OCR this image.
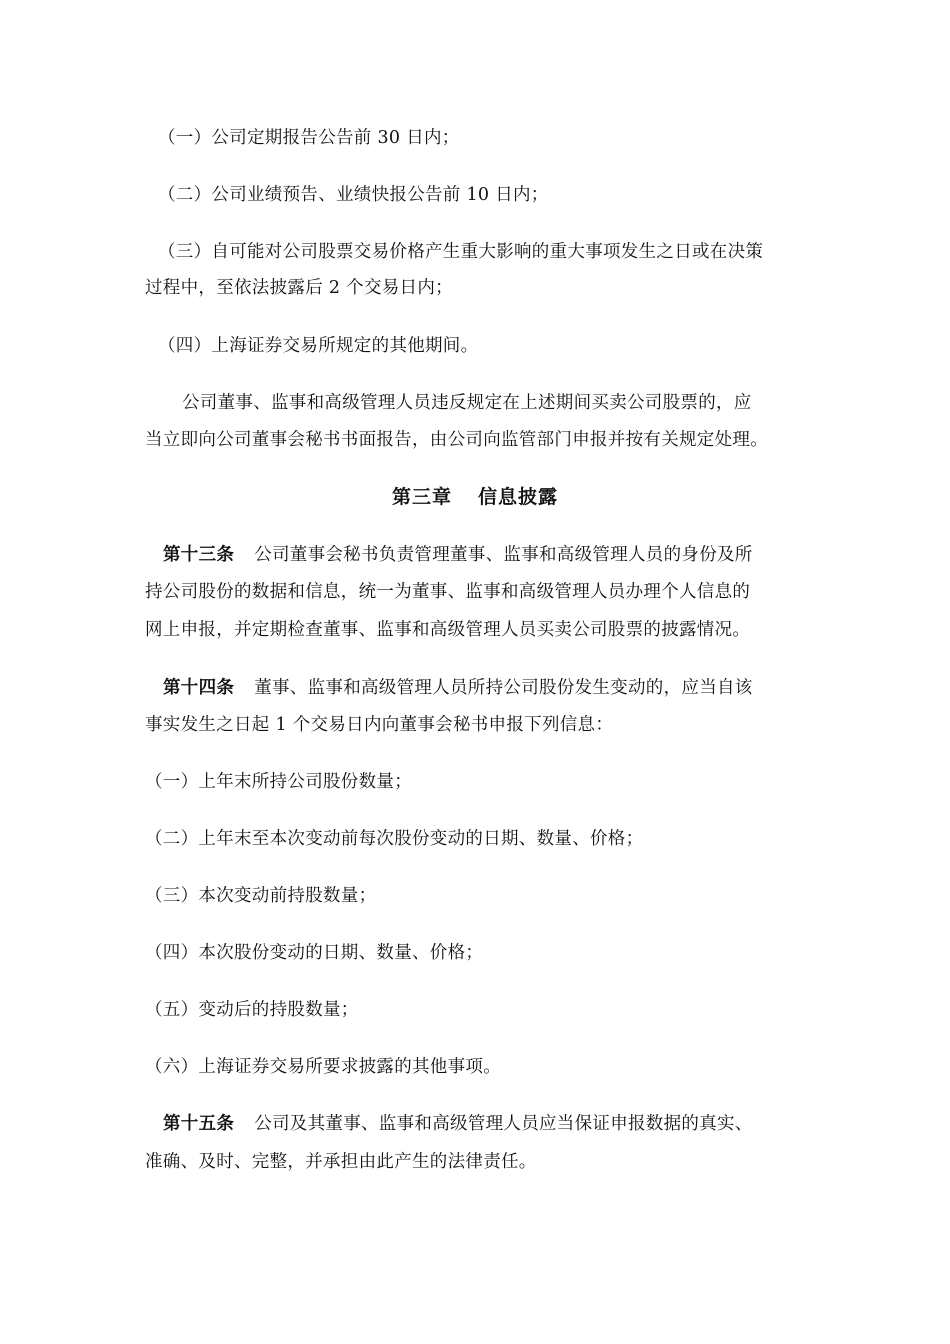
（一）公司定期报告公告前 30 日内；
（二）公司业绩预告、业绩快报公告前 10 日内；
（三）自可能对公司股票交易价格产生重大影响的重大事项发生之日或在决策
过程中，至依法披露后 2 个交易日内；
（四）上海证券交易所规定的其他期间。
公司董事、监事和高级管理人员违反规定在上述期间买卖公司股票的，应
当立即向公司董事会秘书书面报告，由公司向监管部门申报并按有关规定处理。
第三章 信息披露
第十三条 公司董事会秘书负责管理董事、监事和高级管理人员的身份及所
持公司股份的数据和信息，统一为董事、监事和高级管理人员办理个人信息的
网上申报，并定期检查董事、监事和高级管理人员买卖公司股票的披露情况。
第十四条 董事、监事和高级管理人员所持公司股份发生变动的，应当自该
事实发生之日起 1 个交易日内向董事会秘书申报下列信息：
（一）上年末所持公司股份数量；
（二）上年末至本次变动前每次股份变动的日期、数量、价格；
（三）本次变动前持股数量；
（四）本次股份变动的日期、数量、价格；
（五）变动后的持股数量；
（六）上海证券交易所要求披露的其他事项。
第十五条 公司及其董事、监事和高级管理人员应当保证申报数据的真实、
准确、及时、完整，并承担由此产生的法律责任。
